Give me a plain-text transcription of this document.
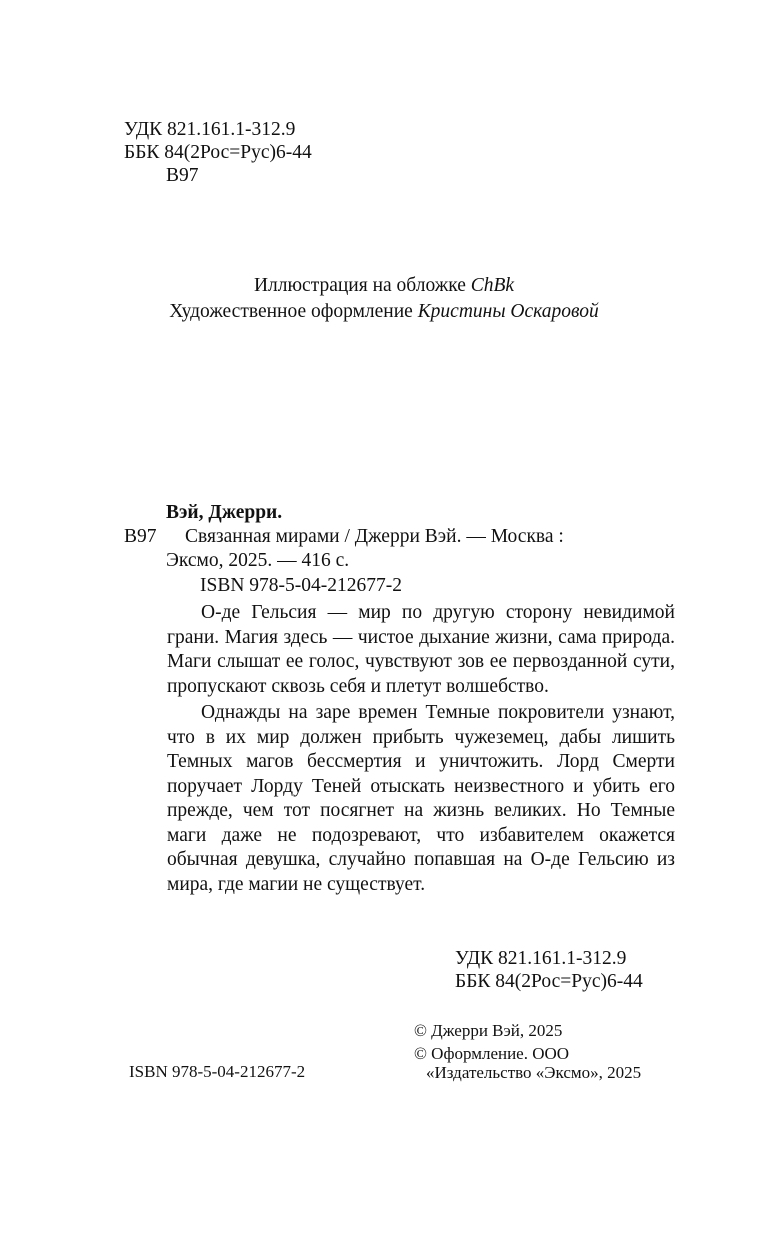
УДК 821.161.1-312.9
ББК 84(2Рос=Рус)6-44
В97
Иллюстрация на обложке ChBk
Художественное оформление Кристины Оскаровой
Вэй, Джерри.
В97 Связанная мирами / Джерри Вэй. — Москва :
Эксмо, 2025. — 416 с.
ISBN 978-5-04-212677-2

О-де Гельсия — мир по другую сторону невидимой грани. Магия здесь — чистое дыхание жизни, сама природа. Маги слышат ее голос, чувствуют зов ее первозданной сути, пропускают сквозь себя и плетут волшебство.

Однажды на заре времен Темные покровители узнают, что в их мир должен прибыть чужеземец, дабы лишить Темных магов бессмертия и уничтожить. Лорд Смерти поручает Лорду Теней отыскать неизвестного и убить его прежде, чем тот посягнет на жизнь великих. Но Темные маги даже не подозревают, что избавителем окажется обычная девушка, случайно попавшая на О-де Гельсию из мира, где магии не существует.

УДК 821.161.1-312.9
ББК 84(2Рос=Рус)6-44
© Джерри Вэй, 2025
© Оформление. ООО
ISBN 978-5-04-212677-2	«Издательство «Эксмо», 2025
